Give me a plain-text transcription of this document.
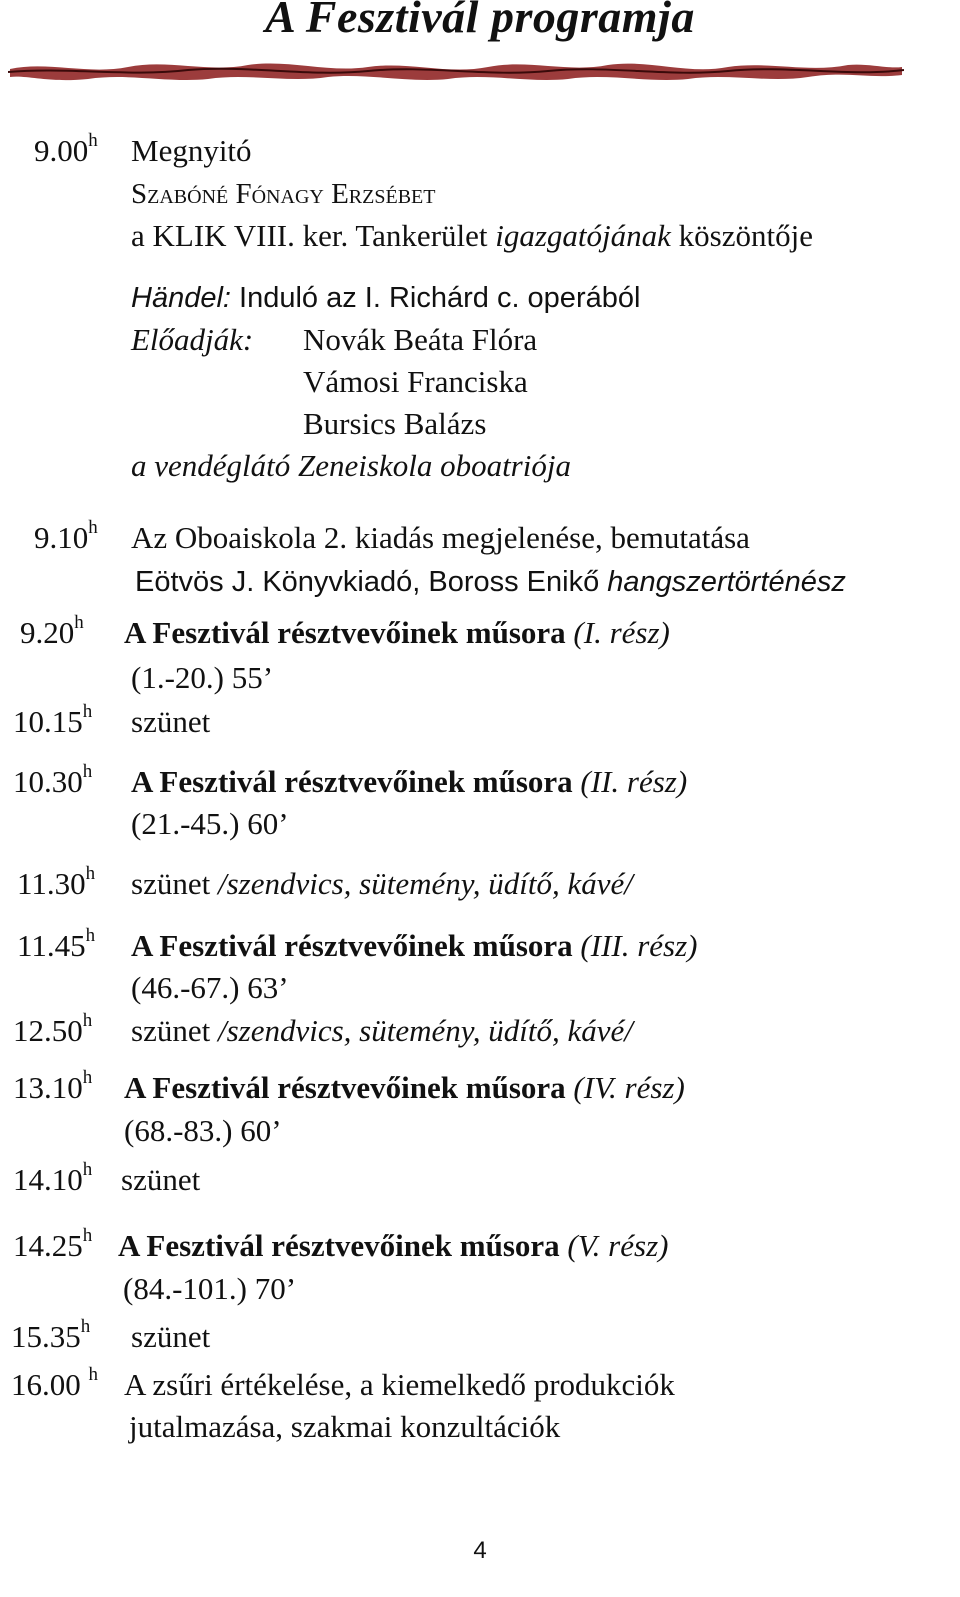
A Fesztivál programja
9.00$^h$ Megnyitó
Szabóné Fónagy Erzsébet
a KLIK VIII. ker. Tankerület igazgatójának köszöntője
Händel: Induló az I. Richárd c. operából
Előadják: Novák Beáta Flóra
Vámosi Franciska
Bursics Balázs
a vendéglátó Zeneiskola oboatriója
9.10$^h$ Az Oboaiskola 2. kiadás megjelenése, bemutatása
Eötvös J. Könyvkiadó, Boross Enikő hangszertörténész
9.20$^h$ A Fesztivál résztvevőinek műsora (I. rész)
(1.-20.) 55’
10.15$^h$ szünet
10.30$^h$ A Fesztivál résztvevőinek műsora (II. rész)
(21.-45.) 60’
11.30$^h$ szünet /szendvics, sütemény, üdítő, kávé/
11.45$^h$ A Fesztivál résztvevőinek műsora (III. rész)
(46.-67.) 63’
12.50$^h$ szünet /szendvics, sütemény, üdítő, kávé/
13.10$^h$ A Fesztivál résztvevőinek műsora (IV. rész)
(68.-83.) 60’
14.10$^h$ szünet
14.25$^h$ A Fesztivál résztvevőinek műsora (V. rész)
(84.-101.) 70’
15.35$^h$ szünet
16.00 $^h$ A zsűri értékelése, a kiemelkedő produkciók
jutalmazása, szakmai konzultációk
4
